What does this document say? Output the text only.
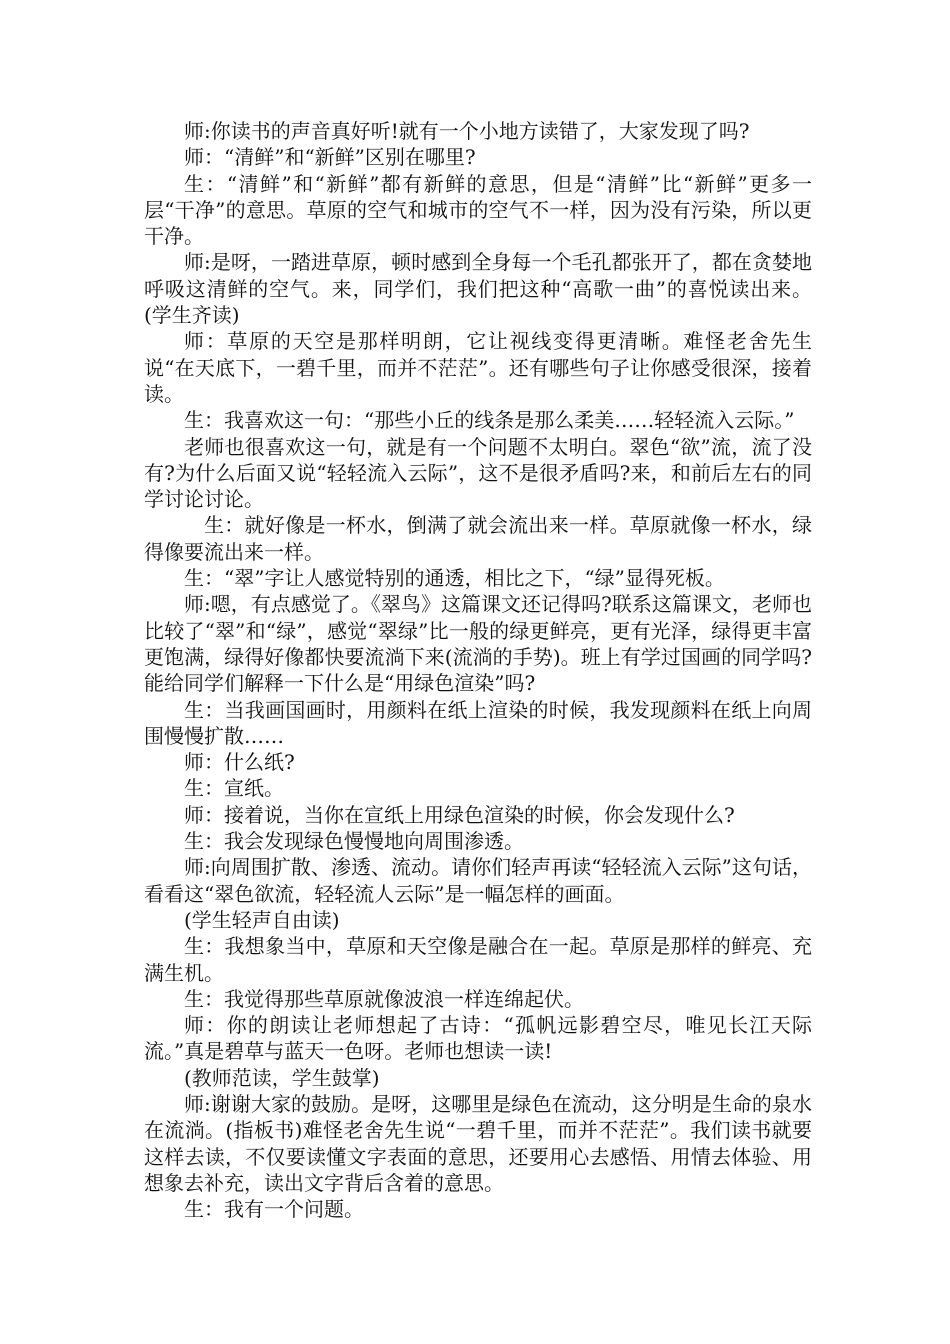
师:你读书的声音真好听!就有一个小地方读错了，大家发现了吗?

师：“清鲜”和“新鲜”区别在哪里?

生：“清鲜”和“新鲜”都有新鲜的意思，但是“清鲜”比“新鲜”更多一层“干净”的意思。草原的空气和城市的空气不一样，因为没有污染，所以更干净。

师:是呀，一踏进草原，顿时感到全身每一个毛孔都张开了，都在贪婪地呼吸这清鲜的空气。来，同学们，我们把这种“高歌一曲”的喜悦读出来。 (学生齐读)

师：草原的天空是那样明朗，它让视线变得更清晰。难怪老舍先生说“在天底下，一碧千里，而并不茫茫”。还有哪些句子让你感受很深，接着读。

生：我喜欢这一句：“那些小丘的线条是那么柔美……轻轻流入云际。”

老师也很喜欢这一句，就是有一个问题不太明白。翠色“欲”流，流了没有?为什么后面又说“轻轻流入云际”，这不是很矛盾吗?来，和前后左右的同学讨论讨论。

生：就好像是一杯水，倒满了就会流出来一样。草原就像一杯水，绿得像要流出来一样。

生：“翠”字让人感觉特别的通透，相比之下，“绿”显得死板。

师:嗯，有点感觉了。《翠鸟》这篇课文还记得吗?联系这篇课文，老师也比较了“翠”和“绿”，感觉“翠绿”比一般的绿更鲜亮，更有光泽，绿得更丰富更饱满，绿得好像都快要流淌下来(流淌的手势)。班上有学过国画的同学吗?能给同学们解释一下什么是“用绿色渲染”吗?

生：当我画国画时，用颜料在纸上渲染的时候，我发现颜料在纸上向周围慢慢扩散……

师：什么纸?

生：宣纸。

师：接着说，当你在宣纸上用绿色渲染的时候，你会发现什么?

生：我会发现绿色慢慢地向周围渗透。

师:向周围扩散、渗透、流动。请你们轻声再读“轻轻流入云际”这句话，看看这“翠色欲流，轻轻流人云际”是一幅怎样的画面。

(学生轻声自由读)

生：我想象当中，草原和天空像是融合在一起。草原是那样的鲜亮、充满生机。

生：我觉得那些草原就像波浪一样连绵起伏。

师：你的朗读让老师想起了古诗：“孤帆远影碧空尽，唯见长江天际流。”真是碧草与蓝天一色呀。老师也想读一读!

(教师范读，学生鼓掌)

师:谢谢大家的鼓励。是呀，这哪里是绿色在流动，这分明是生命的泉水在流淌。(指板书)难怪老舍先生说“一碧千里，而并不茫茫”。我们读书就要这样去读，不仅要读懂文字表面的意思，还要用心去感悟、用情去体验、用想象去补充，读出文字背后含着的意思。

生：我有一个问题。
